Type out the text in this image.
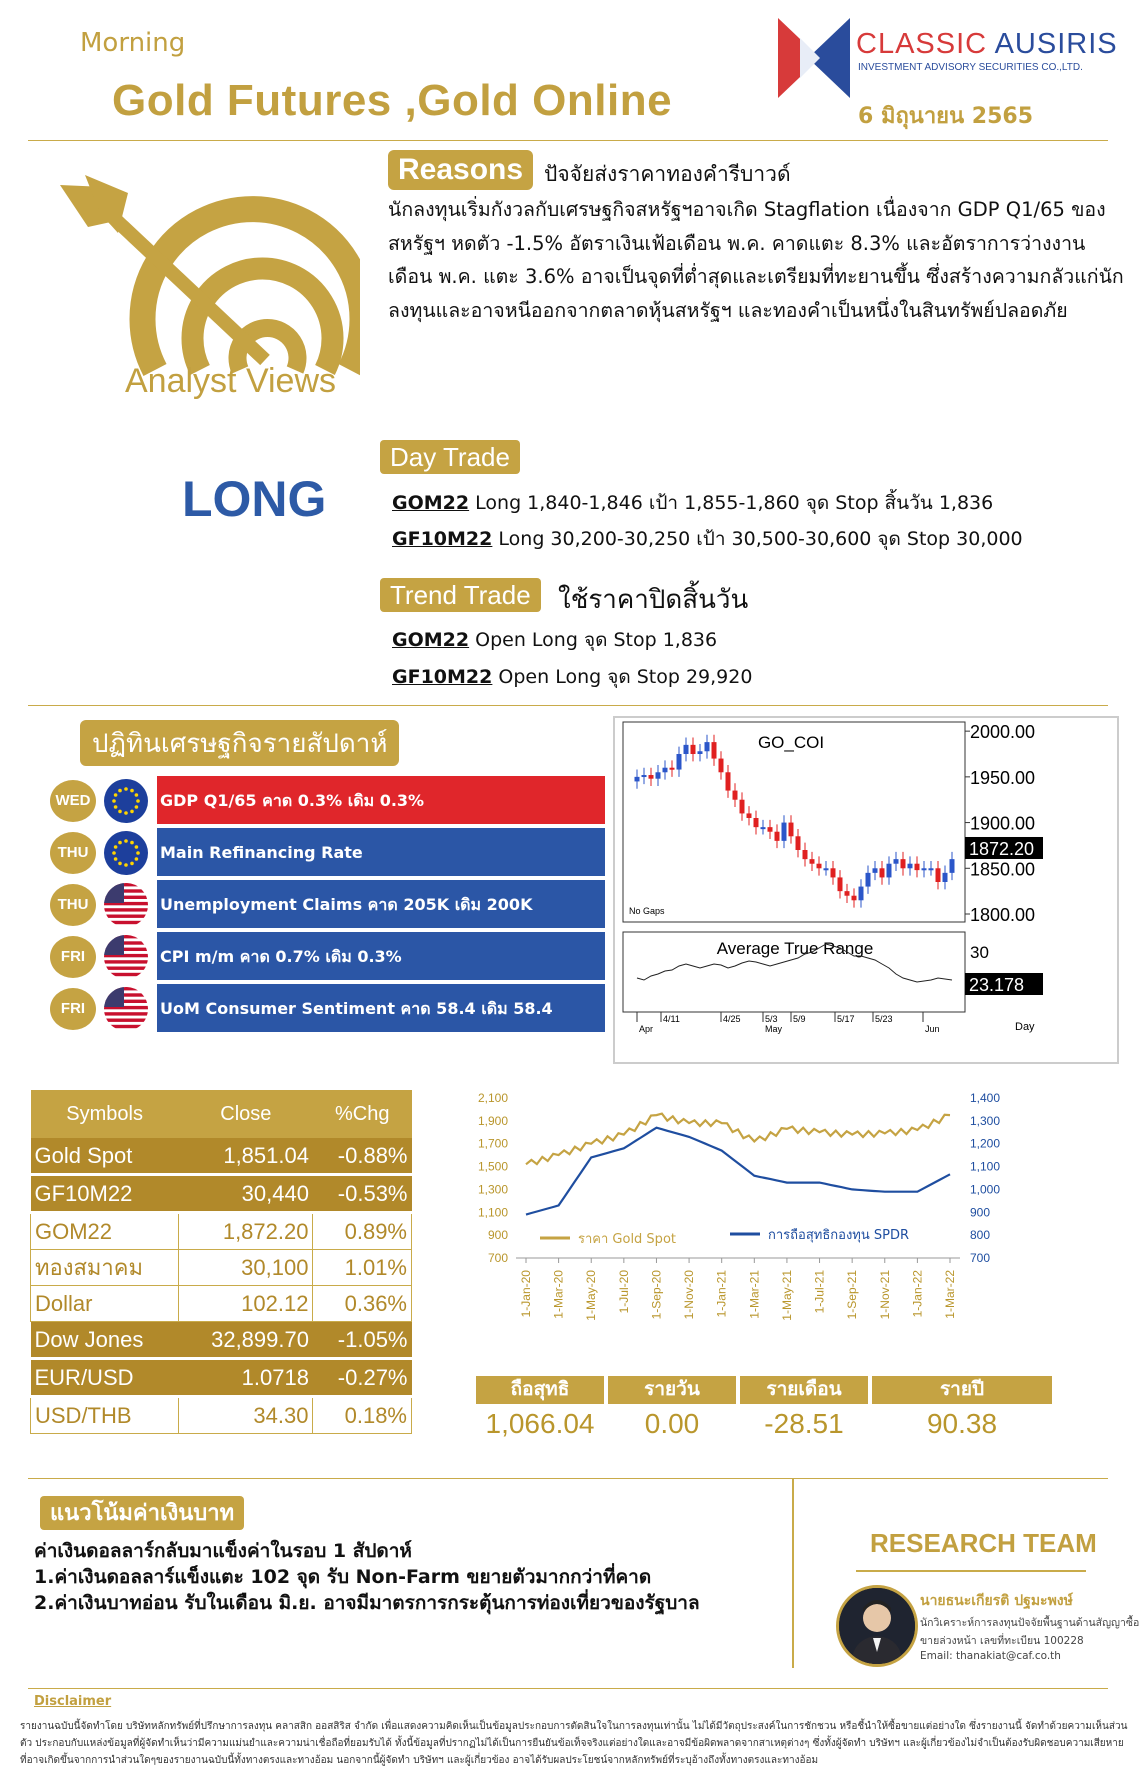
Morning
Gold Futures ,Gold Online
CLASSIC AUSIRIS
INVESTMENT ADVISORY SECURITIES CO.,LTD.
6 มิถุนายน 2565
Analyst Views
Reasons ปัจจัยส่งราคาทองคำรีบาวด์
นักลงทุนเริ่มกังวลกับเศรษฐกิจสหรัฐฯอาจเกิด Stagflation เนื่องจาก GDP Q1/65 ของสหรัฐฯ หดตัว -1.5% อัตราเงินเฟ้อเดือน พ.ค. คาดแตะ 8.3% และอัตราการว่างงานเดือน พ.ค. แตะ 3.6% อาจเป็นจุดที่ต่ำสุดและเตรียมที่ทะยานขึ้น ซึ่งสร้างความกลัวแก่นักลงทุนและอาจหนีออกจากตลาดหุ้นสหรัฐฯ และทองคำเป็นหนึ่งในสินทรัพย์ปลอดภัย
LONG
Day Trade
GOM22 Long 1,840-1,846 เป้า 1,855-1,860 จุด Stop สิ้นวัน 1,836
GF10M22 Long 30,200-30,250 เป้า 30,500-30,600 จุด Stop 30,000
Trend Trade	ใช้ราคาปิดสิ้นวัน
GOM22 Open Long จุด Stop 1,836
GF10M22 Open Long จุด Stop 29,920
ปฏิทินเศรษฐกิจรายสัปดาห์
WED	GDP Q1/65 คาด 0.3% เดิม 0.3%
THU	Main Refinancing Rate
THU	Unemployment Claims คาด 205K เดิม 200K
FRI	CPI m/m คาด 0.7% เดิม 0.3%
FRI	UoM Consumer Sentiment คาด 58.4 เดิม 58.4
GO_COI
2000.00
1950.00
1900.00
1850.00
1800.00
1872.20
No Gaps
Average True Range	30
23.178
Apr
4/11	4/25	5/3
May
5/9	5/17 5/23
Jun	Day
Symbols	Close	%Chg
Gold Spot	1,851.04	-0.88%
GF10M22	30,440	-0.53%
GOM22	1,872.20	0.89%
ทองสมาคม	30,100	1.01%
Dollar	102.12	0.36%
Dow Jones	32,899.70	-1.05%
EUR/USD	1.0718	-0.27%
USD/THB	34.30	0.18%
2,100
1,900
1,700
1,500
1,300
1,100
900
700
1,400
1,300
1,200
1,100
1,000
900
800
700
1-Jan-20 1-Mar-20 1-May-20 1-Jul-20 1-Sep-20 1-Nov-20 1-Jan-21 1-Mar-21 1-May-21 1-Jul-21 1-Sep-21 1-Nov-21 1-Jan-22 1-Mar-22
ราคา Gold Spot	การถือสุทธิกองทุน SPDR
ถือสุทธิ	รายวัน	รายเดือน	รายปี
1,066.04	0.00	-28.51	90.38
แนวโน้มค่าเงินบาท
ค่าเงินดอลลาร์กลับมาแข็งค่าในรอบ 1 สัปดาห์
1.ค่าเงินดอลลาร์แข็งแตะ 102 จุด รับ Non-Farm ขยายตัวมากกว่าที่คาด
2.ค่าเงินบาทอ่อน รับในเดือน มิ.ย. อาจมีมาตรการกระตุ้นการท่องเที่ยวของรัฐบาล
RESEARCH TEAM
นายธนะเกียรติ ปฐมะพงษ์
นักวิเคราะห์การลงทุนปัจจัยพื้นฐานด้านสัญญาซื้อ
ขายล่วงหน้า เลขที่ทะเบียน 100228
Email: thanakiat@caf.co.th
Disclaimer
รายงานฉบับนี้จัดทำโดย บริษัทหลักทรัพย์ที่ปรึกษาการลงทุน คลาสสิก ออสสิริส จำกัด เพื่อแสดงความคิดเห็นเป็นข้อมูลประกอบการตัดสินใจในการลงทุนเท่านั้น ไม่ได้มีวัตถุประสงค์ในการชักชวน หรือชี้นำให้ซื้อขายแต่อย่างใด ซึ่งรายงานนี้ จัดทำด้วยความเห็นส่วนตัว ประกอบกับแหล่งข้อมูลที่ผู้จัดทำเห็นว่ามีความแม่นยำและความน่าเชื่อถือที่ยอมรับได้ ทั้งนี้ข้อมูลที่ปรากฏไม่ได้เป็นการยืนยันข้อเท็จจริงแต่อย่างใดและอาจมีข้อผิดพลาดจากสาเหตุต่างๆ ซึ่งทั้งผู้จัดทำ บริษัทฯ และผู้เกี่ยวข้องไม่จำเป็นต้องรับผิดชอบความเสียหายที่อาจเกิดขึ้นจากการนำส่วนใดๆของรายงานฉบับนี้ทั้งทางตรงและทางอ้อม นอกจากนี้ผู้จัดทำ บริษัทฯ และผู้เกี่ยวข้อง อาจได้รับผลประโยชน์จากหลักทรัพย์ที่ระบุอ้างถึงทั้งทางตรงและทางอ้อม
